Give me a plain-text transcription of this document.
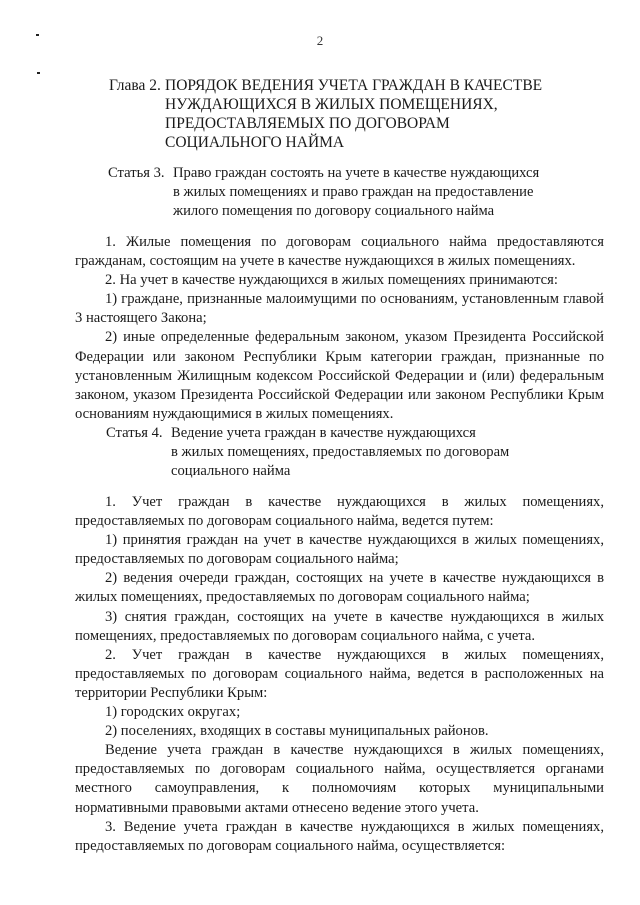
2
Глава 2. ПОРЯДОК ВЕДЕНИЯ УЧЕТА ГРАЖДАН В КАЧЕСТВЕ
НУЖДАЮЩИХСЯ В ЖИЛЫХ ПОМЕЩЕНИЯХ,
ПРЕДОСТАВЛЯЕМЫХ ПО ДОГОВОРАМ
СОЦИАЛЬНОГО НАЙМА
Статья 3. Право граждан состоять на учете в качестве нуждающихся
в жилых помещениях и право граждан на предоставление
жилого помещения по договору социального найма

1. Жилые помещения по договорам социального найма предоставляются гражданам, состоящим на учете в качестве нуждающихся в жилых помещениях.

2. На учет в качестве нуждающихся в жилых помещениях принимаются:

1) граждане, признанные малоимущими по основаниям, установленным главой 3 настоящего Закона;

2) иные определенные федеральным законом, указом Президента Российской Федерации или законом Республики Крым категории граждан, признанные по установленным Жилищным кодексом Российской Федерации и (или) федеральным законом, указом Президента Российской Федерации или законом Республики Крым основаниям нуждающимися в жилых помещениях.

Статья 4. Ведение учета граждан в качестве нуждающихся
в жилых помещениях, предоставляемых по договорам
социального найма

1. Учет граждан в качестве нуждающихся в жилых помещениях, предоставляемых по договорам социального найма, ведется путем:

1) принятия граждан на учет в качестве нуждающихся в жилых помещениях, предоставляемых по договорам социального найма;

2) ведения очереди граждан, состоящих на учете в качестве нуждающихся в жилых помещениях, предоставляемых по договорам социального найма;

3) снятия граждан, состоящих на учете в качестве нуждающихся в жилых помещениях, предоставляемых по договорам социального найма, с учета.

2. Учет граждан в качестве нуждающихся в жилых помещениях, предоставляемых по договорам социального найма, ведется в расположенных на территории Республики Крым:

1) городских округах;

2) поселениях, входящих в составы муниципальных районов.

Ведение учета граждан в качестве нуждающихся в жилых помещениях, предоставляемых по договорам социального найма, осуществляется органами местного самоуправления, к полномочиям которых муниципальными нормативными правовыми актами отнесено ведение этого учета.

3. Ведение учета граждан в качестве нуждающихся в жилых помещениях, предоставляемых по договорам социального найма, осуществляется:
